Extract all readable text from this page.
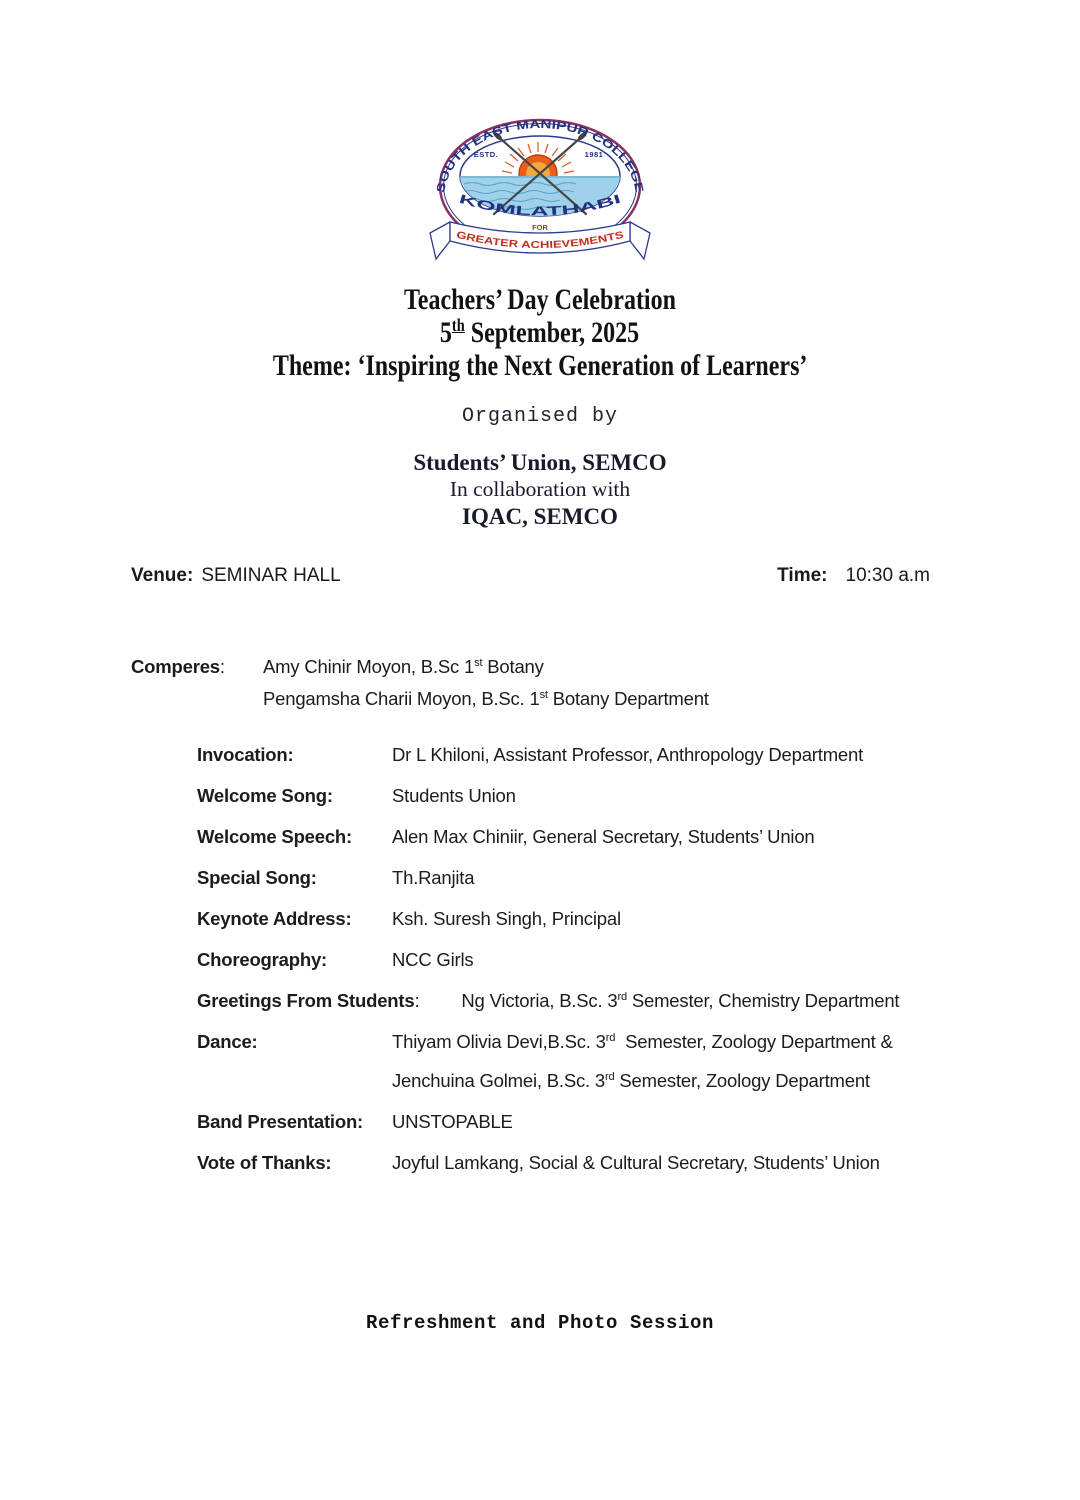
ESTD.	1981
SOUTH EAST MANIPUR COLLEGE
KOMLATHABI
FOR
GREATER ACHIEVEMENTS
Teachers’ Day Celebration
5th September, 2025
Theme: ‘Inspiring the Next Generation of Learners’
Organised by
Students’ Union, SEMCO
In collaboration with
IQAC, SEMCO
Venue: SEMINAR HALL	Time: 10:30 a.m
Comperes:	Amy Chinir Moyon, B.Sc 1st Botany
Pengamsha Charii Moyon, B.Sc. 1st Botany Department
Invocation:	Dr L Khiloni, Assistant Professor, Anthropology Department
Welcome Song:	Students Union
Welcome Speech:	Alen Max Chiniir, General Secretary, Students’ Union
Special Song:	Th.Ranjita
Keynote Address:	Ksh. Suresh Singh, Principal
Choreography:	NCC Girls
Greetings From Students: Ng Victoria, B.Sc. 3rd Semester, Chemistry Department
Dance:	Thiyam Olivia Devi,B.Sc. 3rd  Semester, Zoology Department &
Jenchuina Golmei, B.Sc. 3rd Semester, Zoology Department
Band Presentation:	UNSTOPABLE
Vote of Thanks:	Joyful Lamkang, Social & Cultural Secretary, Students’ Union
Refreshment and Photo Session
